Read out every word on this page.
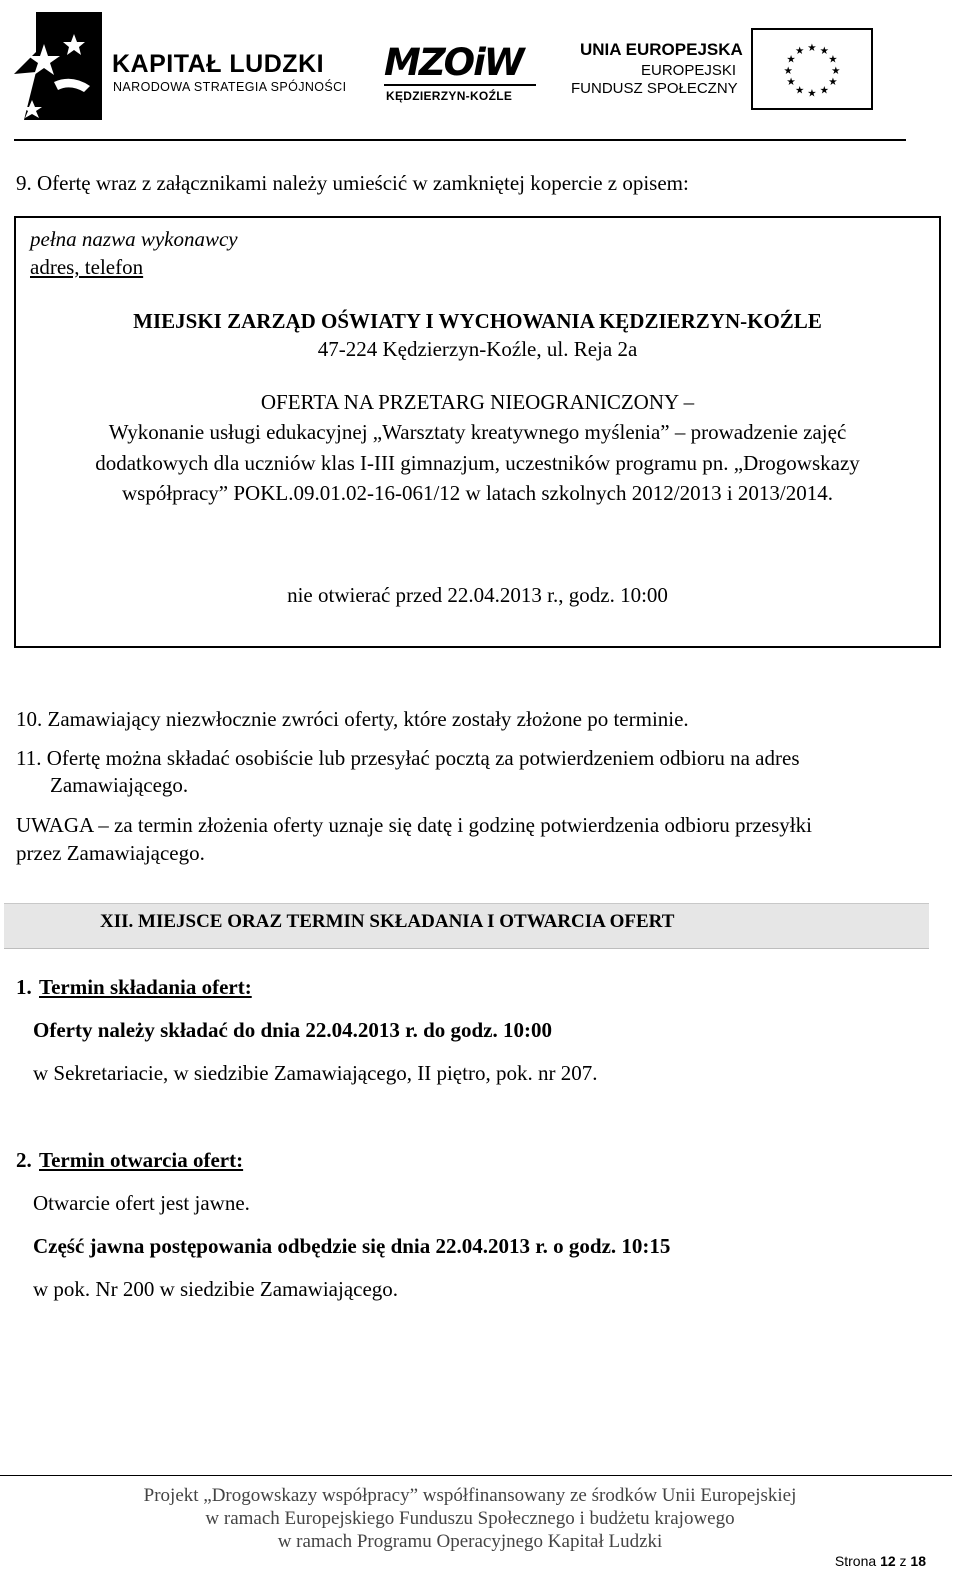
KAPITAŁ LUDZKI
NARODOWA STRATEGIA SPÓJNOŚCI
MZOiW
KĘDZIERZYN-KOŹLE
UNIA EUROPEJSKA
EUROPEJSKI
FUNDUSZ SPOŁECZNY
★ ★
★
★
★
★
★
★
★
★
★
★
9. Ofertę wraz z załącznikami należy umieścić w zamkniętej kopercie z opisem:
pełna nazwa wykonawcy
adres, telefon
MIEJSKI ZARZĄD OŚWIATY I WYCHOWANIA KĘDZIERZYN-KOŹLE
47-224 Kędzierzyn-Koźle, ul. Reja 2a
OFERTA NA PRZETARG NIEOGRANICZONY –
Wykonanie usługi edukacyjnej „Warsztaty kreatywnego myślenia” – prowadzenie zajęć
dodatkowych dla uczniów klas I-III gimnazjum, uczestników programu pn. „Drogowskazy
współpracy” POKL.09.01.02-16-061/12 w latach szkolnych 2012/2013 i 2013/2014.
nie otwierać przed 22.04.2013 r., godz. 10:00
10. Zamawiający niezwłocznie zwróci oferty, które zostały złożone po terminie.
11. Ofertę można składać osobiście lub przesyłać pocztą za potwierdzeniem odbioru na adres
Zamawiającego.
UWAGA – za termin złożenia oferty uznaje się datę i godzinę potwierdzenia odbioru przesyłki
przez Zamawiającego.
XII. MIEJSCE ORAZ TERMIN SKŁADANIA I OTWARCIA OFERT
1. Termin składania ofert:
Oferty należy składać do dnia 22.04.2013 r. do godz. 10:00
w Sekretariacie, w siedzibie Zamawiającego, II piętro, pok. nr 207.
2. Termin otwarcia ofert:
Otwarcie ofert jest jawne.
Część jawna postępowania odbędzie się dnia 22.04.2013 r. o godz. 10:15
w pok. Nr 200 w siedzibie Zamawiającego.
Projekt „Drogowskazy współpracy” współfinansowany ze środków Unii Europejskiej
w ramach Europejskiego Funduszu Społecznego i budżetu krajowego
w ramach Programu Operacyjnego Kapitał Ludzki
Strona 12 z 18
